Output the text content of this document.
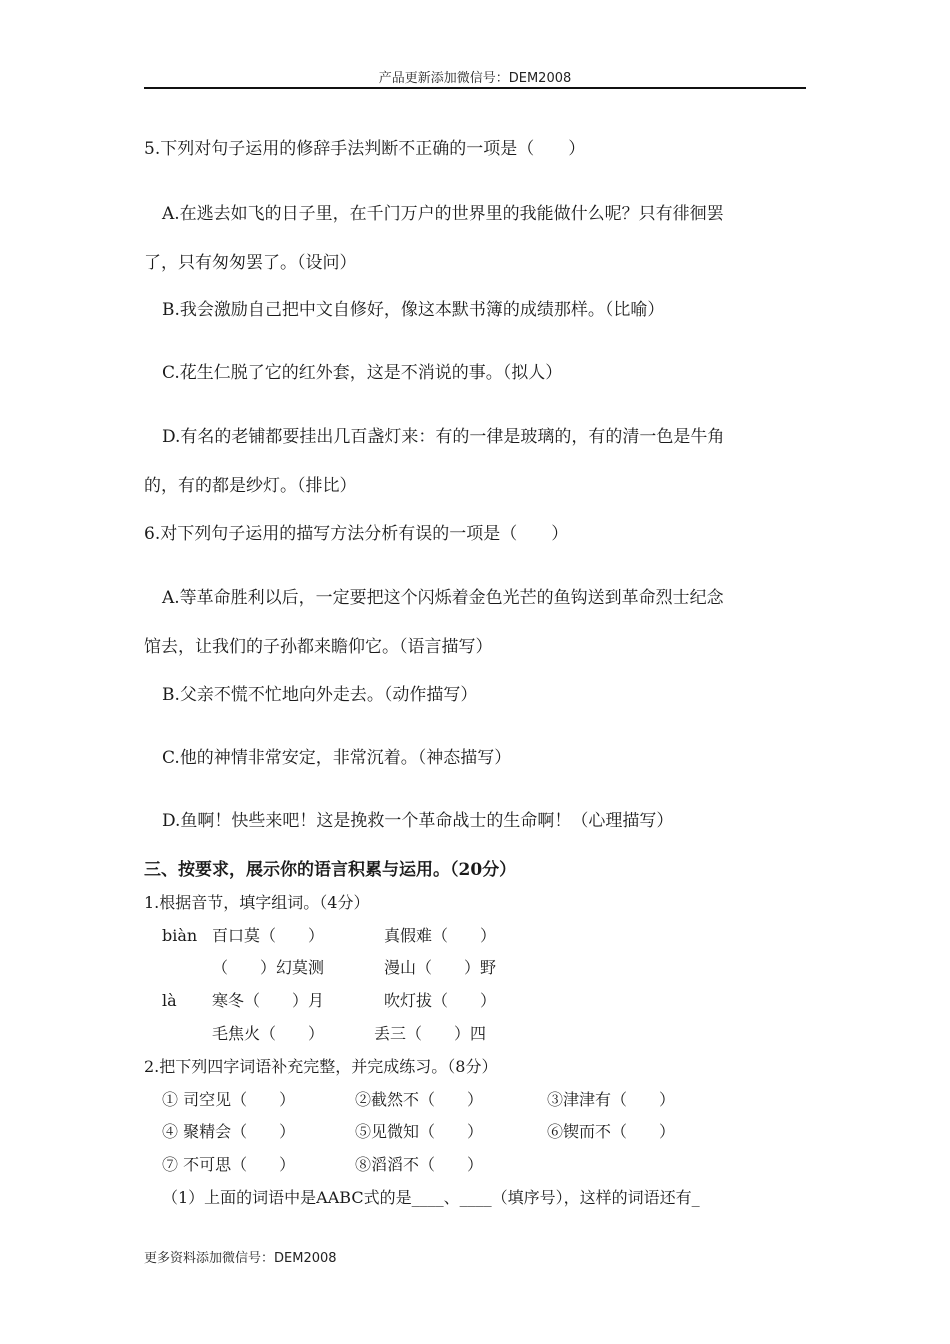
产品更新添加微信号：DEM2008
5.下列对句子运用的修辞手法判断不正确的一项是（　　）
A.在逃去如飞的日子里，在千门万户的世界里的我能做什么呢？只有徘徊罢
了，只有匆匆罢了。（设问）
B.我会激励自己把中文自修好，像这本默书簿的成绩那样。（比喻）
C.花生仁脱了它的红外套，这是不消说的事。（拟人）
D.有名的老铺都要挂出几百盏灯来：有的一律是玻璃的，有的清一色是牛角
的，有的都是纱灯。（排比）
6.对下列句子运用的描写方法分析有误的一项是（　　）
A.等革命胜利以后，一定要把这个闪烁着金色光芒的鱼钩送到革命烈士纪念
馆去，让我们的子孙都来瞻仰它。（语言描写）
B.父亲不慌不忙地向外走去。（动作描写）
C.他的神情非常安定，非常沉着。（神态描写）
D.鱼啊！快些来吧！这是挽救一个革命战士的生命啊！（心理描写）
三、按要求，展示你的语言积累与运用。（20分）
1.根据音节，填字组词。（4分）
biàn 百口莫（　　）	真假难（　　）
（　　）幻莫测	漫山（　　）野
là 寒冬（　　）月	吹灯拔（　　）
毛焦火（　　）	丢三（　　）四
2.把下列四字词语补充完整，并完成练习。（8分）
① 司空见（　　）	②截然不（　　）	③津津有（　　）
④ 聚精会（　　）	⑤见微知（　　）	⑥锲而不（　　）
⑦ 不可思（　　）	⑧滔滔不（　　）
（1）上面的词语中是AABC式的是____、____（填序号），这样的词语还有_
更多资料添加微信号：DEM2008
